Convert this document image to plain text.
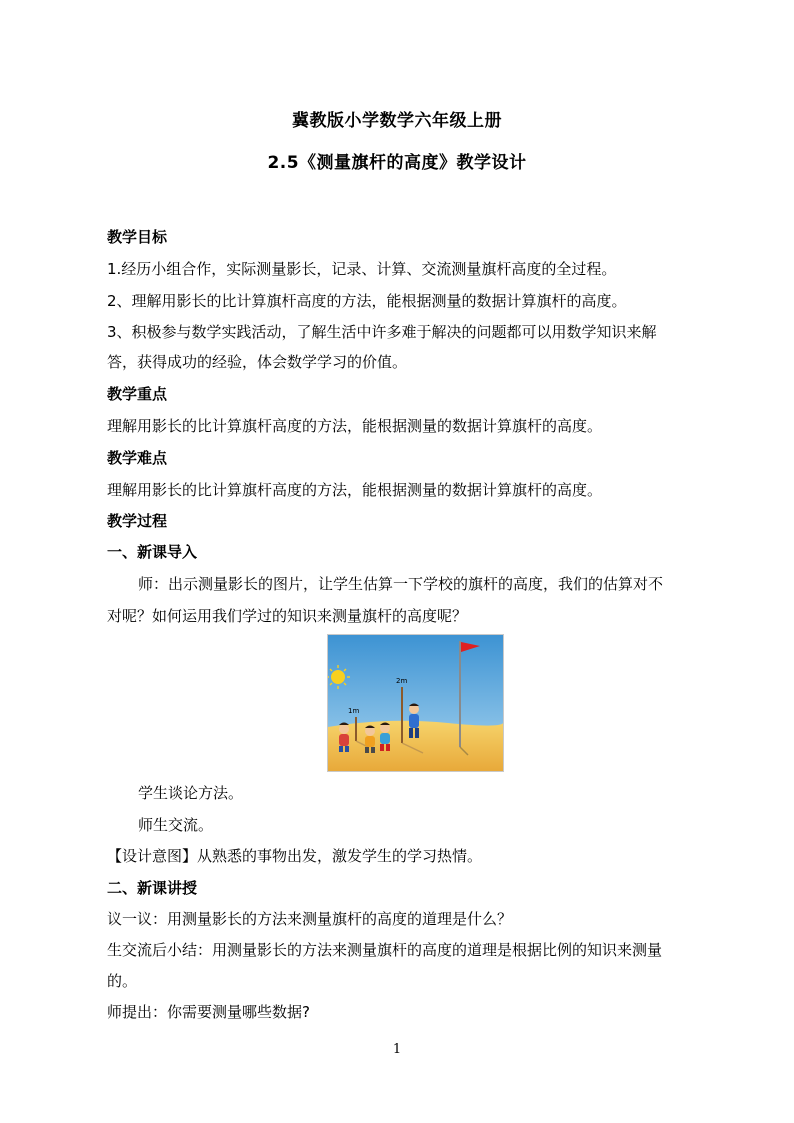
冀教版小学数学六年级上册
2.5《测量旗杆的高度》教学设计
教学目标
1.经历小组合作，实际测量影长，记录、计算、交流测量旗杆高度的全过程。
2、理解用影长的比计算旗杆高度的方法，能根据测量的数据计算旗杆的高度。
3、积极参与数学实践活动，了解生活中许多难于解决的问题都可以用数学知识来解
答，获得成功的经验，体会数学学习的价值。
教学重点
理解用影长的比计算旗杆高度的方法，能根据测量的数据计算旗杆的高度。
教学难点
理解用影长的比计算旗杆高度的方法，能根据测量的数据计算旗杆的高度。
教学过程
一、新课导入
师：出示测量影长的图片，让学生估算一下学校的旗杆的高度，我们的估算对不
对呢？如何运用我们学过的知识来测量旗杆的高度呢？
1m
2m
学生谈论方法。
师生交流。
【设计意图】从熟悉的事物出发，激发学生的学习热情。
二、新课讲授
议一议：用测量影长的方法来测量旗杆的高度的道理是什么？
生交流后小结：用测量影长的方法来测量旗杆的高度的道理是根据比例的知识来测量
的。
师提出：你需要测量哪些数据?
1
